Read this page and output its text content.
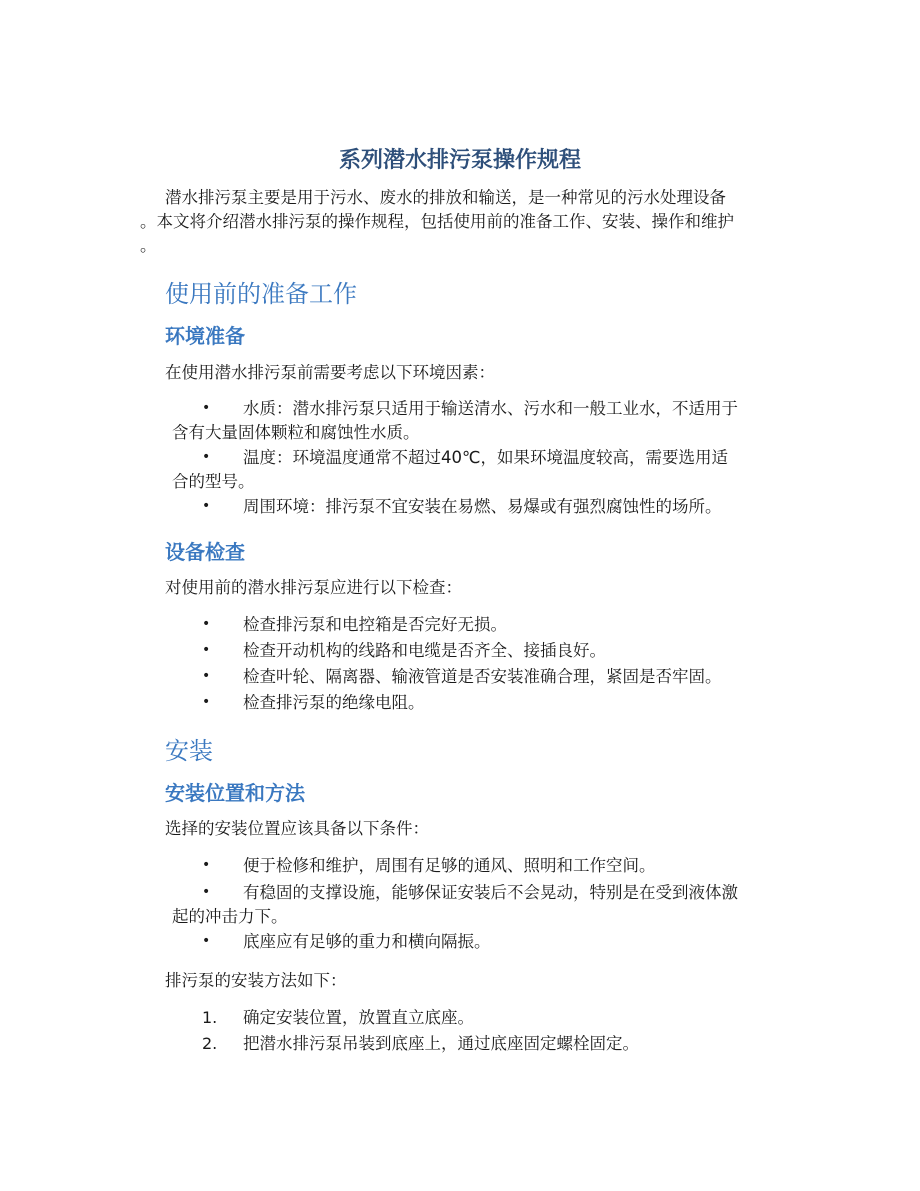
系列潜水排污泵操作规程
潜水排污泵主要是用于污水、废水的排放和输送，是一种常见的污水处理设备
。本文将介绍潜水排污泵的操作规程，包括使用前的准备工作、安装、操作和维护
。
使用前的准备工作
环境准备
在使用潜水排污泵前需要考虑以下环境因素：
• 水质：潜水排污泵只适用于输送清水、污水和一般工业水，不适用于
含有大量固体颗粒和腐蚀性水质。
• 温度：环境温度通常不超过40℃，如果环境温度较高，需要选用适
合的型号。
• 周围环境：排污泵不宜安装在易燃、易爆或有强烈腐蚀性的场所。
设备检查
对使用前的潜水排污泵应进行以下检查：
• 检查排污泵和电控箱是否完好无损。
• 检查开动机构的线路和电缆是否齐全、接插良好。
• 检查叶轮、隔离器、输液管道是否安装准确合理，紧固是否牢固。
• 检查排污泵的绝缘电阻。
安装
安装位置和方法
选择的安装位置应该具备以下条件：
• 便于检修和维护，周围有足够的通风、照明和工作空间。
• 有稳固的支撑设施，能够保证安装后不会晃动，特别是在受到液体激
起的冲击力下。
• 底座应有足够的重力和横向隔振。
排污泵的安装方法如下：
1. 确定安装位置，放置直立底座。
2. 把潜水排污泵吊装到底座上，通过底座固定螺栓固定。
